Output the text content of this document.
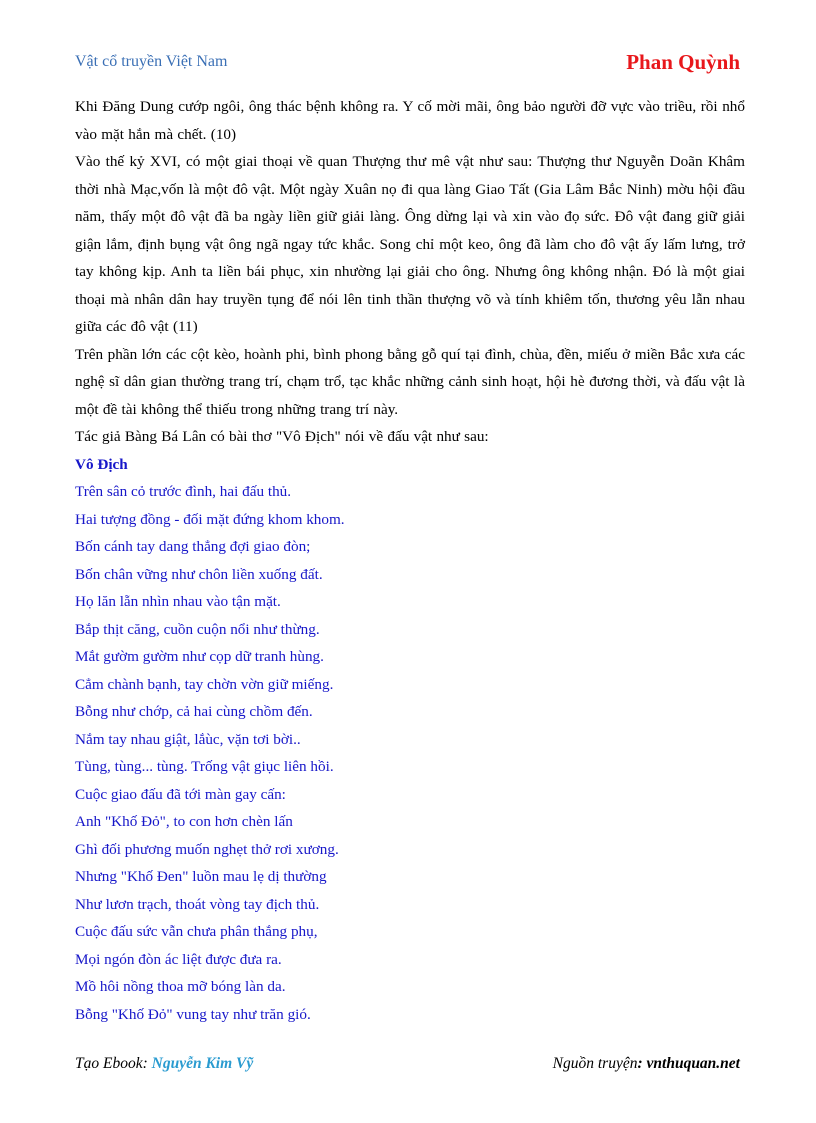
Vật cổ truyền Việt Nam	Phan Quỳnh

Khi Đăng Dung cướp ngôi, ông thác bệnh không ra. Y cố mời mãi, ông bảo người đỡ vực vào triều, rồi nhổ vào mặt hắn mà chết. (10)

Vào thế kỷ XVI, có một giai thoại về quan Thượng thư mê vật như sau: Thượng thư Nguyễn Doãn Khâm thời nhà Mạc,vốn là một đô vật. Một ngày Xuân nọ đi qua làng Giao Tất (Gia Lâm Bắc Ninh) mờu hội đầu năm, thấy một đô vật đã ba ngày liền giữ giải làng. Ông dừng lại và xin vào đọ sức. Đô vật đang giữ giải giận lắm, định bụng vật ông ngã ngay tức khắc. Song chỉ một keo, ông đã làm cho đô vật ấy lấm lưng, trở tay không kịp. Anh ta liền bái phục, xin nhường lại giải cho ông. Nhưng ông không nhận. Đó là một giai thoại mà nhân dân hay truyền tụng để nói lên tinh thần thượng võ và tính khiêm tốn, thương yêu lẫn nhau giữa các đô vật (11)

Trên phần lớn các cột kèo, hoành phi, bình phong bằng gỗ quí tại đình, chùa, đền, miếu ở miền Bắc xưa các nghệ sĩ dân gian thường trang trí, chạm trổ, tạc khắc những cảnh sinh hoạt, hội hè đương thời, và đấu vật là một đề tài không thể thiếu trong những trang trí này.

Tác giả Bàng Bá Lân có bài thơ "Vô Địch" nói về đấu vật như sau:

Vô Địch

Trên sân cỏ trước đình, hai đấu thủ.

Hai tượng đồng - đối mặt đứng khom khom.

Bốn cánh tay dang thẳng đợi giao đòn;

Bốn chân vững như chôn liền xuống đất.

Họ lăn lẵn nhìn nhau vào tận mặt.

Bắp thịt căng, cuồn cuộn nổi như thừng.

Mắt gườm gườm như cọp dữ tranh hùng.

Cẳm chành bạnh, tay chờn vờn giữ miếng.

Bỗng như chớp, cả hai cùng chồm đến.

Nắm tay nhau giật, lắùc, vặn tơi bời..

Tùng, tùng... tùng. Trống vật giục liên hồi.

Cuộc giao đấu đã tới màn gay cấn:

Anh "Khố Đỏ", to con hơn chèn lấn

Ghì đối phương muốn nghẹt thở rơi xương.

Nhưng "Khố Đen" luồn mau lẹ dị thường

Như lươn trạch, thoát vòng tay địch thủ.

Cuộc đấu sức vẫn chưa phân thắng phụ,

Mọi ngón đòn ác liệt được đưa ra.

Mồ hôi nồng thoa mỡ bóng làn da.

Bỗng "Khố Đỏ" vung tay như trăn gió.

Tạo Ebook: Nguyễn Kim Vỹ	Nguồn truyện: vnthuquan.net
